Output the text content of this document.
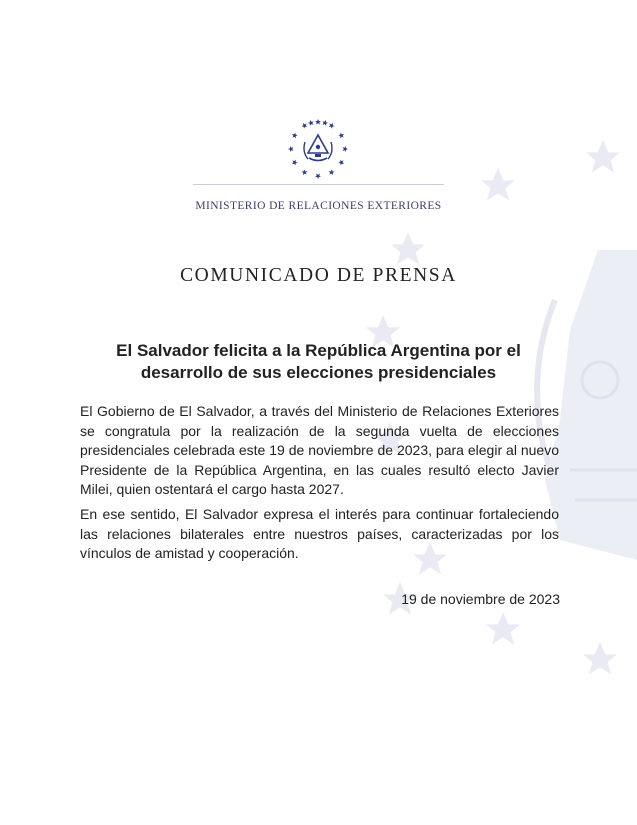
MINISTERIO DE RELACIONES EXTERIORES
COMUNICADO DE PRENSA
El Salvador felicita a la República Argentina por el
desarrollo de sus elecciones presidenciales

El Gobierno de El Salvador, a través del Ministerio de Relaciones Exteriores se congratula por la realización de la segunda vuelta de elecciones presidenciales celebrada este 19 de noviembre de 2023, para elegir al nuevo Presidente de la República Argentina, en las cuales resultó electo Javier Milei, quien ostentará el cargo hasta 2027.

En ese sentido, El Salvador expresa el interés para continuar fortaleciendo las relaciones bilaterales entre nuestros países, caracterizadas por los vínculos de amistad y cooperación.

19 de noviembre de 2023
